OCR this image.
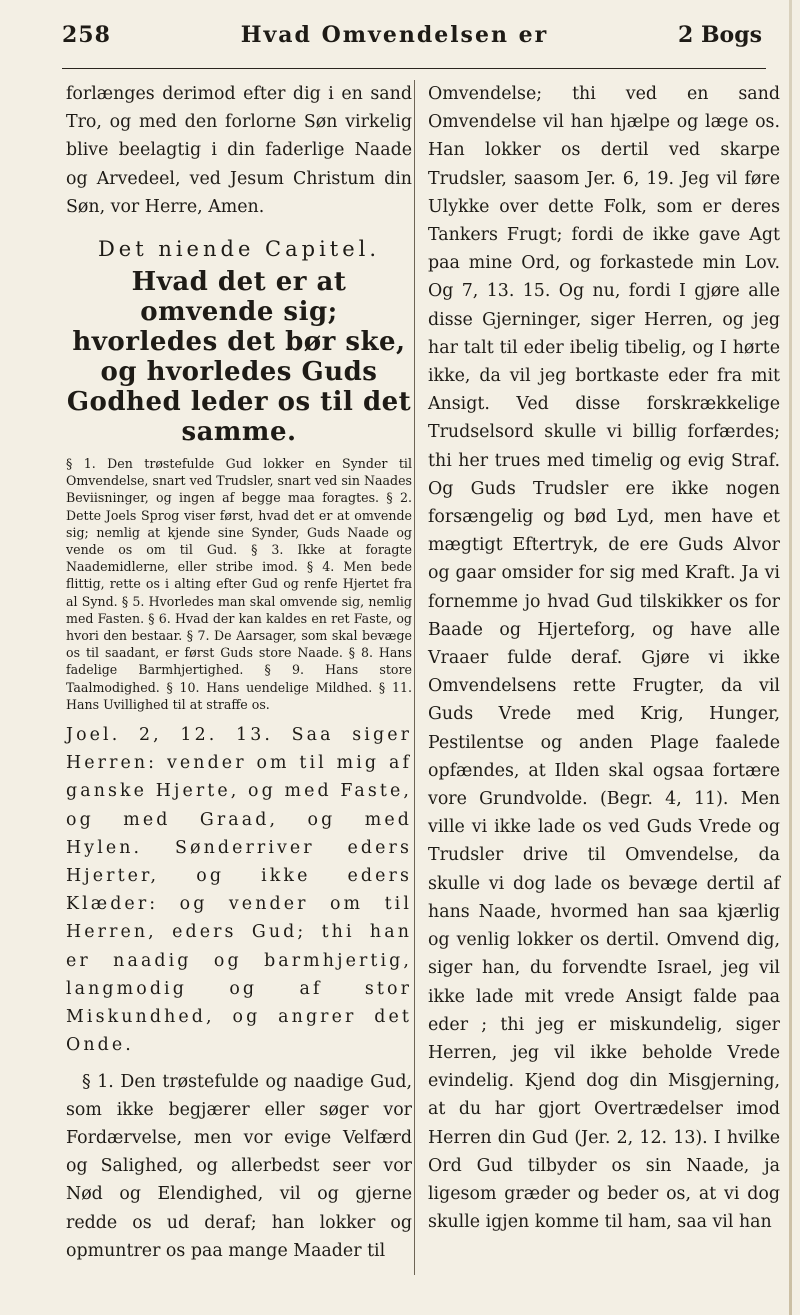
258	Hvad Omvendelsen er	2 Bogs

forlænges derimod efter dig i en sand Tro, og med den forlorne Søn virkelig blive beelagtig i din faderlige Naade og Arvedeel, ved Jesum Christum din Søn, vor Herre, Amen.

Det niende Capitel.
Hvad det er at omvende sig; hvorledes det bør ske, og hvorledes Guds Godhed leder os til det samme.

§ 1. Den trøstefulde Gud lokker en Synder til Omvendelse, snart ved Trudsler, snart ved sin Naades Beviisninger, og ingen af begge maa foragtes. § 2. Dette Joels Sprog viser først, hvad det er at omvende sig; nemlig at kjende sine Synder, Guds Naade og vende os om til Gud. § 3. Ikke at foragte Naademidlerne, eller stribe imod. § 4. Men bede flittig, rette os i alting efter Gud og renfe Hjertet fra al Synd. § 5. Hvorledes man skal omvende sig, nemlig med Fasten. § 6. Hvad der kan kaldes en ret Faste, og hvori den bestaar. § 7. De Aarsager, som skal bevæge os til saadant, er først Guds store Naade. § 8. Hans fadelige Barmhjertighed. § 9. Hans store Taalmodighed. § 10. Hans uendelige Mildhed. § 11. Hans Uvillighed til at straffe os.

Joel. 2, 12. 13. Saa siger Herren: vender om til mig af ganske Hjerte, og med Faste, og med Graad, og med Hylen. Sønderriver eders Hjerter, og ikke eders Klæder: og vender om til Herren, eders Gud; thi han er naadig og barmhjertig, langmodig og af stor Miskundhed, og angrer det Onde.

§ 1. Den trøstefulde og naadige Gud, som ikke begjærer eller søger vor Fordærvelse, men vor evige Velfærd og Salighed, og allerbedst seer vor Nød og Elendighed, vil og gjerne redde os ud deraf; han lokker og opmuntrer os paa mange Maader til

Omvendelse; thi ved en sand Omvendelse vil han hjælpe og læge os. Han lokker os dertil ved skarpe Trudsler, saasom Jer. 6, 19. Jeg vil føre Ulykke over dette Folk, som er deres Tankers Frugt; fordi de ikke gave Agt paa mine Ord, og forkastede min Lov. Og 7, 13. 15. Og nu, fordi I gjøre alle disse Gjerninger, siger Herren, og jeg har talt til eder ibelig tibelig, og I hørte ikke, da vil jeg bortkaste eder fra mit Ansigt. Ved disse forskrækkelige Trudselsord skulle vi billig forfærdes; thi her trues med timelig og evig Straf. Og Guds Trudsler ere ikke nogen forsængelig og bød Lyd, men have et mægtigt Eftertryk, de ere Guds Alvor og gaar omsider for sig med Kraft. Ja vi fornemme jo hvad Gud tilskikker os for Baade og Hjerteforg, og have alle Vraaer fulde deraf. Gjøre vi ikke Omvendelsens rette Frugter, da vil Guds Vrede med Krig, Hunger, Pestilentse og anden Plage faalede opfændes, at Ilden skal ogsaa fortære vore Grundvolde. (Begr. 4, 11). Men ville vi ikke lade os ved Guds Vrede og Trudsler drive til Omvendelse, da skulle vi dog lade os bevæge dertil af hans Naade, hvormed han saa kjærlig og venlig lokker os dertil. Omvend dig, siger han, du forvendte Israel, jeg vil ikke lade mit vrede Ansigt falde paa eder ; thi jeg er miskundelig, siger Herren, jeg vil ikke beholde Vrede evindelig. Kjend dog din Misgjerning, at du har gjort Overtrædelser imod Herren din Gud (Jer. 2, 12. 13). I hvilke Ord Gud tilbyder os sin Naade, ja ligesom græder og beder os, at vi dog skulle igjen komme til ham, saa vil han
